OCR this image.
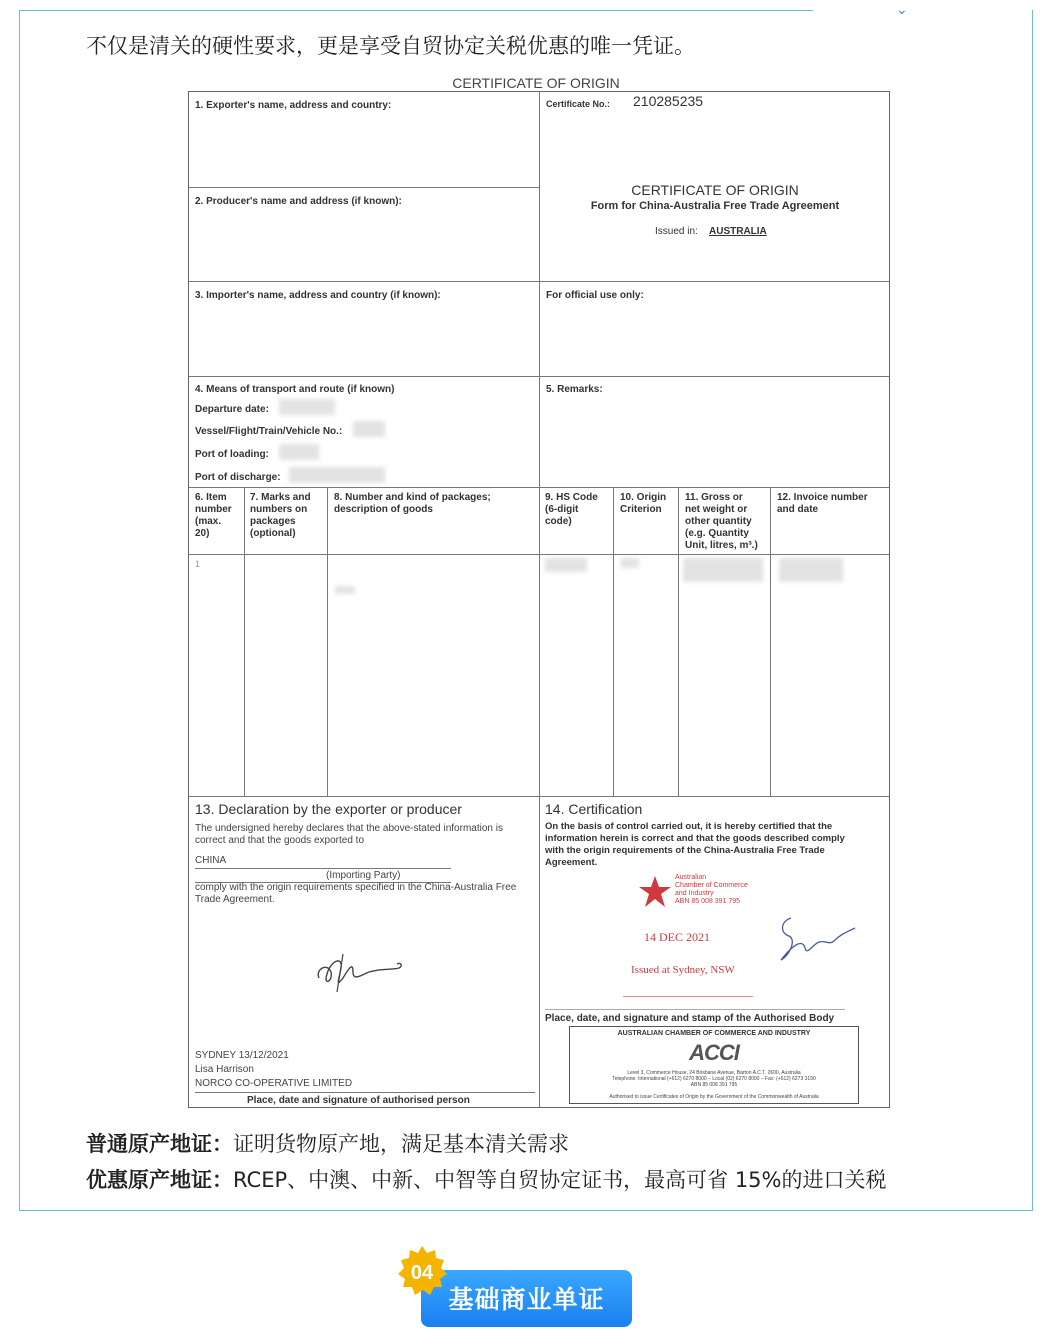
⌄
不仅是清关的硬性要求，更是享受自贸协定关税优惠的唯一凭证。
CERTIFICATE OF ORIGIN
1. Exporter's name, address and country:	Certificate No.: 210285235
2. Producer's name and address (if known):
CERTIFICATE OF ORIGIN
Form for China-Australia Free Trade Agreement
Issued in: AUSTRALIA
3. Importer's name, address and country (if known):	For official use only:
4. Means of transport and route (if known)
Departure date:
Vessel/Flight/Train/Vehicle No.:
Port of loading:
Port of discharge:
5. Remarks:
6. Item
number
(max.
20)
7. Marks and
numbers on
packages
(optional)
8. Number and kind of packages;
description of goods
9. HS Code
(6-digit
code)
10. Origin
Criterion
11. Gross or
net weight or
other quantity
(e.g. Quantity
Unit, litres, m³.)
12. Invoice number
and date
1
13. Declaration by the exporter or producer
The undersigned hereby declares that the above-stated information is
correct and that the goods exported to
CHINA
(Importing Party)
comply with the origin requirements specified in the China-Australia Free
Trade Agreement.
SYDNEY 13/12/2021
Lisa Harrison
NORCO CO-OPERATIVE LIMITED
Place, date and signature of authorised person
14. Certification
On the basis of control carried out, it is hereby certified that the
information herein is correct and that the goods described comply
with the origin requirements of the China-Australia Free Trade
Agreement.
Australian
Chamber of Commerce
and Industry
ABN 85 008 391 795
14 DEC 2021
Issued at Sydney, NSW
Place, date, and signature and stamp of the Authorised Body
AUSTRALIAN CHAMBER OF COMMERCE AND INDUSTRY
ACCI
Level 3, Commerce House, 24 Brisbane Avenue, Barton A.C.T. 2600, Australia
Telephone: International (+612) 6270 8000 – Local (02) 6270 8000 – Fax: (+612) 6273 3190
ABN 85 008 391 795
Authorised to issue Certificates of Origin by the Government of the Commonwealth of Australia
普通原产地证：证明货物原产地，满足基本清关需求
优惠原产地证：RCEP、中澳、中新、中智等自贸协定证书，最高可省 15%的进口关税
基础商业单证
04
